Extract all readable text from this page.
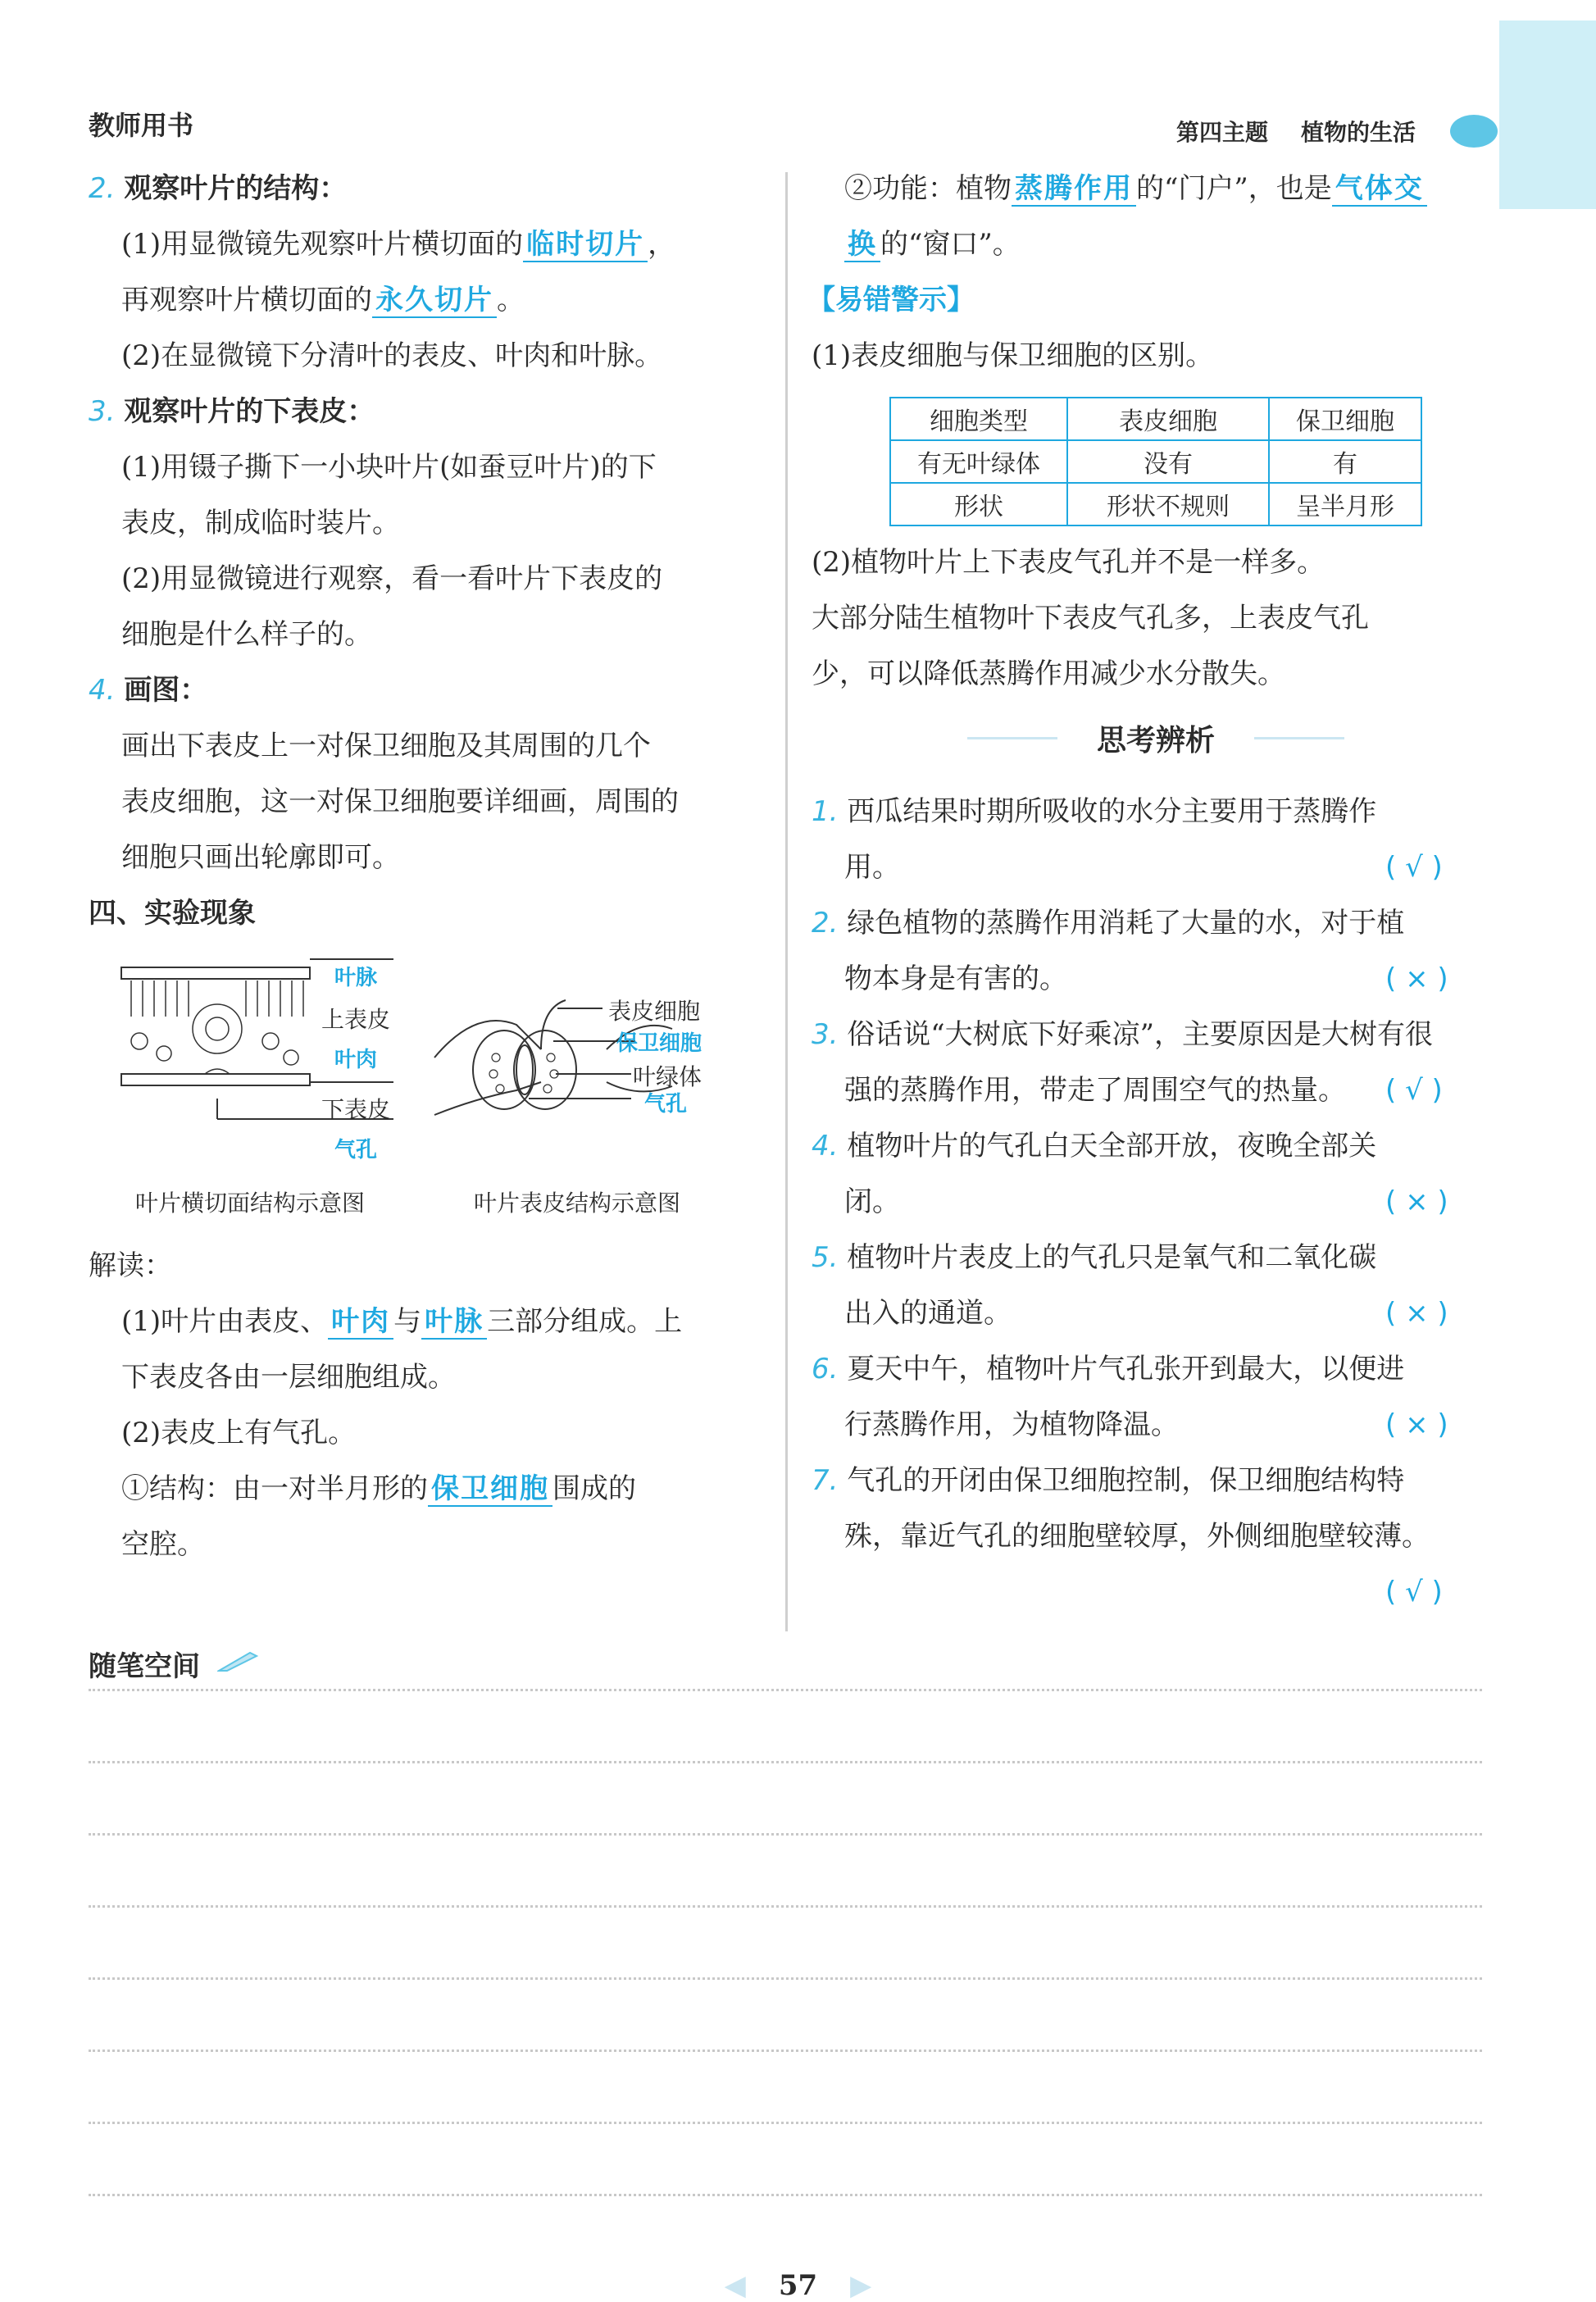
教师用书	第四主题 植物的生活
2. 观察叶片的结构：
(1)用显微镜先观察叶片横切面的 临时切片 ，
再观察叶片横切面的 永久切片 。
(2)在显微镜下分清叶的表皮、叶肉和叶脉。
3. 观察叶片的下表皮：
(1)用镊子撕下一小块叶片(如蚕豆叶片)的下
表皮，制成临时装片。
(2)用显微镜进行观察，看一看叶片下表皮的
细胞是什么样子的。
4. 画图：
画出下表皮上一对保卫细胞及其周围的几个
表皮细胞，这一对保卫细胞要详细画，周围的
细胞只画出轮廓即可。
四、实验现象
叶脉
上表皮
叶肉
下表皮
气孔
叶片横切面结构示意图
表皮细胞
保卫细胞
叶绿体
气孔
叶片表皮结构示意图
解读：
(1)叶片由表皮、 叶肉 与 叶脉 三部分组成。上
下表皮各由一层细胞组成。
(2)表皮上有气孔。
①结构：由一对半月形的 保卫细胞 围成的
空腔。
②功能：植物 蒸腾作用 的“门户”，也是 气体交
换 的“窗口”。
【易错警示】
(1)表皮细胞与保卫细胞的区别。
细胞类型	表皮细胞	保卫细胞
有无叶绿体	没有	有
形状	形状不规则	呈半月形
(2)植物叶片上下表皮气孔并不是一样多。
大部分陆生植物叶下表皮气孔多，上表皮气孔
少，可以降低蒸腾作用减少水分散失。
思考辨析
1. 西瓜结果时期所吸收的水分主要用于蒸腾作
用。	( √ )
2. 绿色植物的蒸腾作用消耗了大量的水，对于植
物本身是有害的。	( × )
3. 俗话说“大树底下好乘凉”，主要原因是大树有很
强的蒸腾作用，带走了周围空气的热量。 ( √ )
4. 植物叶片的气孔白天全部开放，夜晚全部关
闭。	( × )
5. 植物叶片表皮上的气孔只是氧气和二氧化碳
出入的通道。	( × )
6. 夏天中午，植物叶片气孔张开到最大，以便进
行蒸腾作用，为植物降温。	( × )
7. 气孔的开闭由保卫细胞控制，保卫细胞结构特
殊，靠近气孔的细胞壁较厚，外侧细胞壁较薄。
( √ )
随笔空间
◀ 57 ▶
